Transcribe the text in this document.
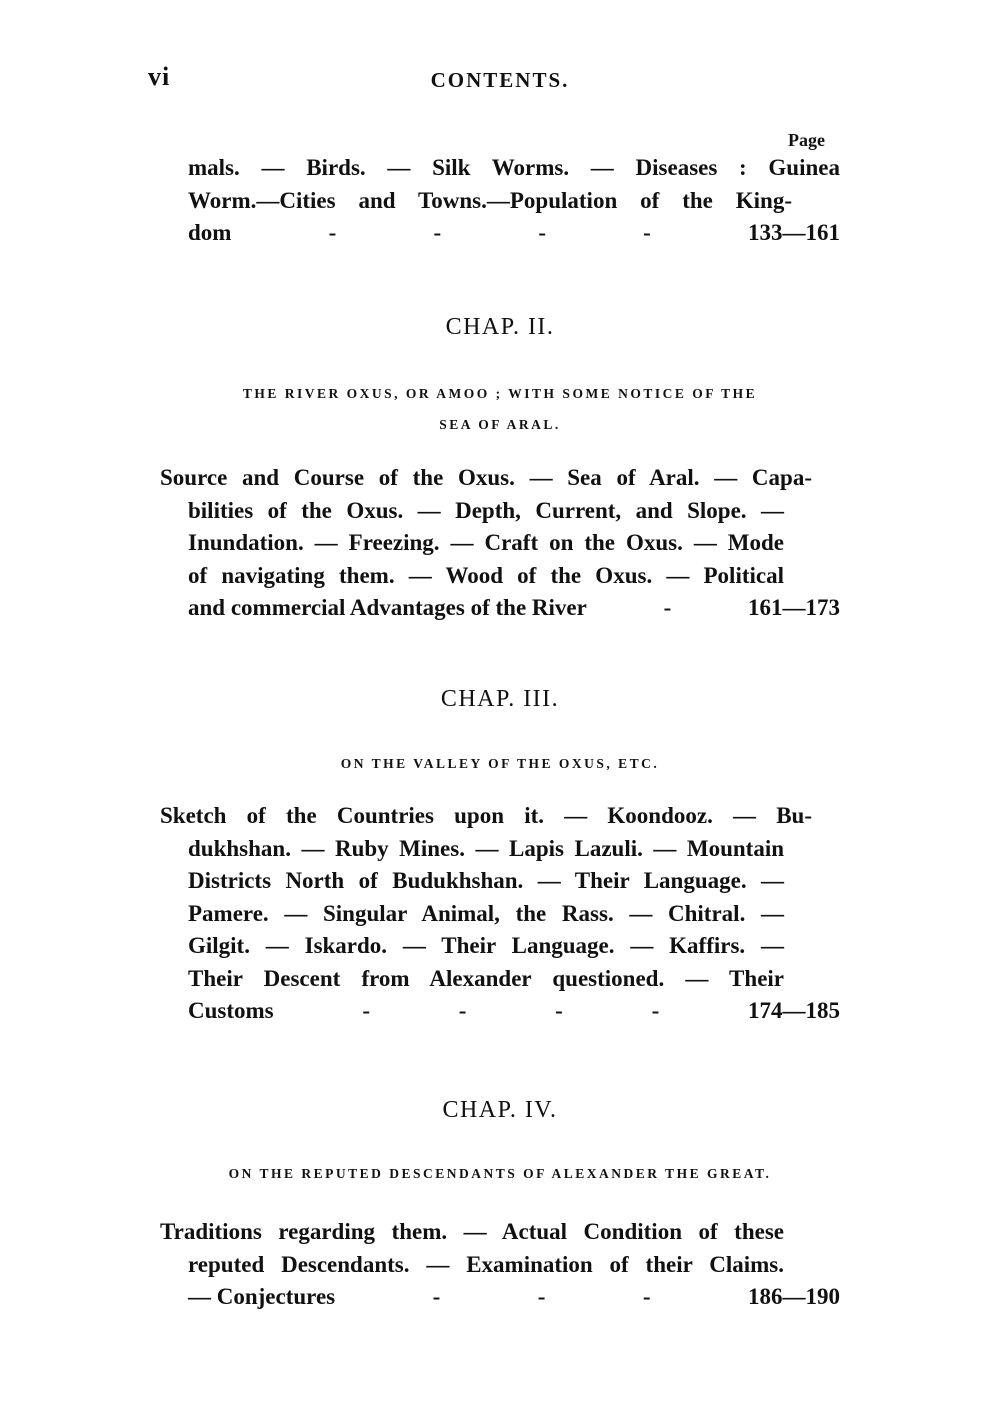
vi	CONTENTS.
Page
mals. — Birds. — Silk Worms. — Diseases : Guinea
Worm.—Cities and Towns.—Population of the King-
dom	-	-	-	-	133—161
CHAP. II.
THE RIVER OXUS, OR AMOO ; WITH SOME NOTICE OF THE
SEA OF ARAL.
Source and Course of the Oxus. — Sea of Aral. — Capa-
bilities of the Oxus. — Depth, Current, and Slope. —
Inundation. — Freezing. — Craft on the Oxus. — Mode
of navigating them. — Wood of the Oxus. — Political
and commercial Advantages of the River	-	161—173
CHAP. III.
ON THE VALLEY OF THE OXUS, ETC.
Sketch of the Countries upon it. — Koondooz. — Bu-
dukhshan. — Ruby Mines. — Lapis Lazuli. — Mountain
Districts North of Budukhshan. — Their Language. —
Pamere. — Singular Animal, the Rass. — Chitral. —
Gilgit. — Iskardo. — Their Language. — Kaffirs. —
Their Descent from Alexander questioned. — Their
Customs	-	-	-	-	174—185
CHAP. IV.
ON THE REPUTED DESCENDANTS OF ALEXANDER THE GREAT.
Traditions regarding them. — Actual Condition of these
reputed Descendants. — Examination of their Claims.
— Conjectures	-	-	-	186—190
